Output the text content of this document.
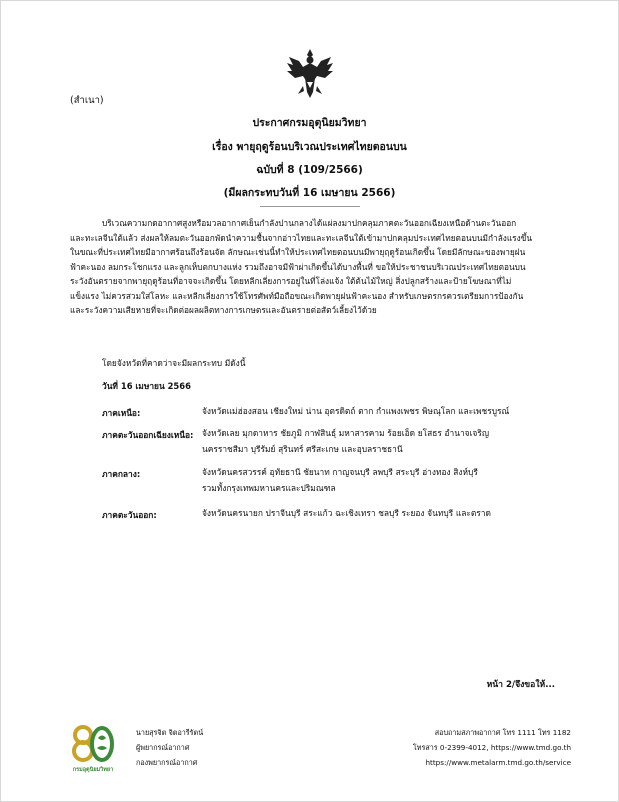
(สำเนา)
ประกาศกรมอุตุนิยมวิทยา
เรื่อง พายุฤดูร้อนบริเวณประเทศไทยตอนบน
ฉบับที่ 8 (109/2566)
(มีผลกระทบวันที่ 16 เมษายน 2566)
บริเวณความกดอากาศสูงหรือมวลอากาศเย็นกำลังปานกลางได้แผ่ลงมาปกคลุมภาคตะวันออกเฉียงเหนือด้านตะวันออก
และทะเลจีนใต้แล้ว ส่งผลให้ลมตะวันออกพัดนำความชื้นจากอ่าวไทยและทะเลจีนใต้เข้ามาปกคลุมประเทศไทยตอนบนมีกำลังแรงขึ้น
ในขณะที่ประเทศไทยมีอากาศร้อนถึงร้อนจัด ลักษณะเช่นนี้ทำให้ประเทศไทยตอนบนมีพายุฤดูร้อนเกิดขึ้น โดยมีลักษณะของพายุฝน
ฟ้าคะนอง ลมกระโชกแรง และลูกเห็บตกบางแห่ง รวมถึงอาจมีฟ้าผ่าเกิดขึ้นได้บางพื้นที่ ขอให้ประชาชนบริเวณประเทศไทยตอนบน
ระวังอันตรายจากพายุฤดูร้อนที่อาจจะเกิดขึ้น โดยหลีกเลี่ยงการอยู่ในที่โล่งแจ้ง ใต้ต้นไม้ใหญ่ สิ่งปลูกสร้างและป้ายโฆษณาที่ไม่
แข็งแรง ไม่ควรสวมใส่โลหะ และหลีกเลี่ยงการใช้โทรศัพท์มือถือขณะเกิดพายุฝนฟ้าคะนอง สำหรับเกษตรกรควรเตรียมการป้องกัน
และระวังความเสียหายที่จะเกิดต่อผลผลิตทางการเกษตรและอันตรายต่อสัตว์เลี้ยงไว้ด้วย
โดยจังหวัดที่คาดว่าจะมีผลกระทบ มีดังนี้
วันที่ 16 เมษายน 2566
ภาคเหนือ:	จังหวัดแม่ฮ่องสอน เชียงใหม่ น่าน อุตรดิตถ์ ตาก กำแพงเพชร พิษณุโลก และเพชรบูรณ์
ภาคตะวันออกเฉียงเหนือ: จังหวัดเลย มุกดาหาร ชัยภูมิ กาฬสินธุ์ มหาสารคาม ร้อยเอ็ด ยโสธร อำนาจเจริญ
นครราชสีมา บุรีรัมย์ สุรินทร์ ศรีสะเกษ และอุบลราชธานี
ภาคกลาง:	จังหวัดนครสวรรค์ อุทัยธานี ชัยนาท กาญจนบุรี ลพบุรี สระบุรี อ่างทอง สิงห์บุรี
รวมทั้งกรุงเทพมหานครและปริมณฑล
ภาคตะวันออก:	จังหวัดนครนายก ปราจีนบุรี สระแก้ว ฉะเชิงเทรา ชลบุรี ระยอง จันทบุรี และตราด
หน้า 2/จึงขอให้...
กรมอุตุนิยมวิทยา
นายสุรจิต จิตอารีรัตน์
ผู้พยากรณ์อากาศ
กองพยากรณ์อากาศ
สอบถามสภาพอากาศ โทร 1111 โทร 1182
โทรสาร 0-2399-4012, https://www.tmd.go.th
https://www.metalarm.tmd.go.th/service
